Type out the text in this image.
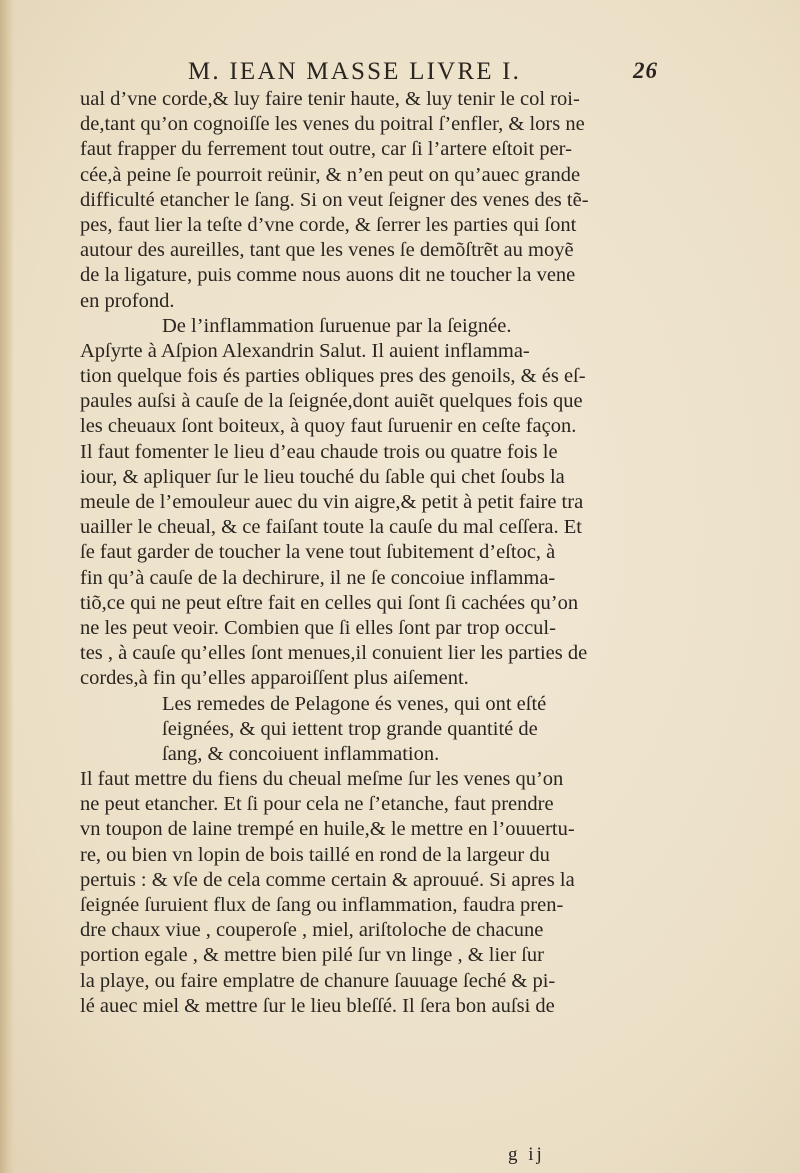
M. IEAN MASSE LIVRE I.	26
ual d’vne corde,& luy faire tenir haute, & luy tenir le col roi-
de,tant qu’on cognoiſſe les venes du poitral ſ’enfler, & lors ne
faut frapper du ferrement tout outre, car ſi l’artere eſtoit per-
cée,à peine ſe pourroit reünir, & n’en peut on qu’auec grande
difficulté etancher le ſang. Si on veut ſeigner des venes des tẽ-
pes, faut lier la teſte d’vne corde, & ſerrer les parties qui ſont
autour des aureilles, tant que les venes ſe demõſtrẽt au moyẽ
de la ligature, puis comme nous auons dit ne toucher la vene
en profond.
De l’inflammation ſuruenue par la ſeignée.
Apſyrte à Aſpion Alexandrin Salut. Il auient inflamma-
tion quelque fois és parties obliques pres des genoils, & és eſ-
paules auſsi à cauſe de la ſeignée,dont auiẽt quelques fois que
les cheuaux ſont boiteux, à quoy faut ſuruenir en ceſte façon.
Il faut fomenter le lieu d’eau chaude trois ou quatre fois le
iour, & apliquer ſur le lieu touché du ſable qui chet ſoubs la
meule de l’emouleur auec du vin aigre,& petit à petit faire tra
uailler le cheual, & ce faiſant toute la cauſe du mal ceſſera. Et
ſe faut garder de toucher la vene tout ſubitement d’eſtoc, à
fin qu’à cauſe de la dechirure, il ne ſe concoiue inflamma-
tiõ,ce qui ne peut eſtre fait en celles qui ſont ſi cachées qu’on
ne les peut veoir. Combien que ſi elles ſont par trop occul-
tes , à cauſe qu’elles ſont menues,il conuient lier les parties de
cordes,à fin qu’elles apparoiſſent plus aiſement.
Les remedes de Pelagone és venes, qui ont eſté
ſeignées, & qui iettent trop grande quantité de
ſang, & concoiuent inflammation.
Il faut mettre du fiens du cheual meſme ſur les venes qu’on
ne peut etancher. Et ſi pour cela ne ſ’etanche, faut prendre
vn toupon de laine trempé en huile,& le mettre en l’ouuertu-
re, ou bien vn lopin de bois taillé en rond de la largeur du
pertuis : & vſe de cela comme certain & aprouué. Si apres la
ſeignée ſuruient flux de ſang ou inflammation, faudra pren-
dre chaux viue , couperoſe , miel, ariſtoloche de chacune
portion egale , & mettre bien pilé ſur vn linge , & lier ſur
la playe, ou faire emplatre de chanure ſauuage ſeché & pi-
lé auec miel & mettre ſur le lieu bleſſé. Il ſera bon auſsi de
g ij
